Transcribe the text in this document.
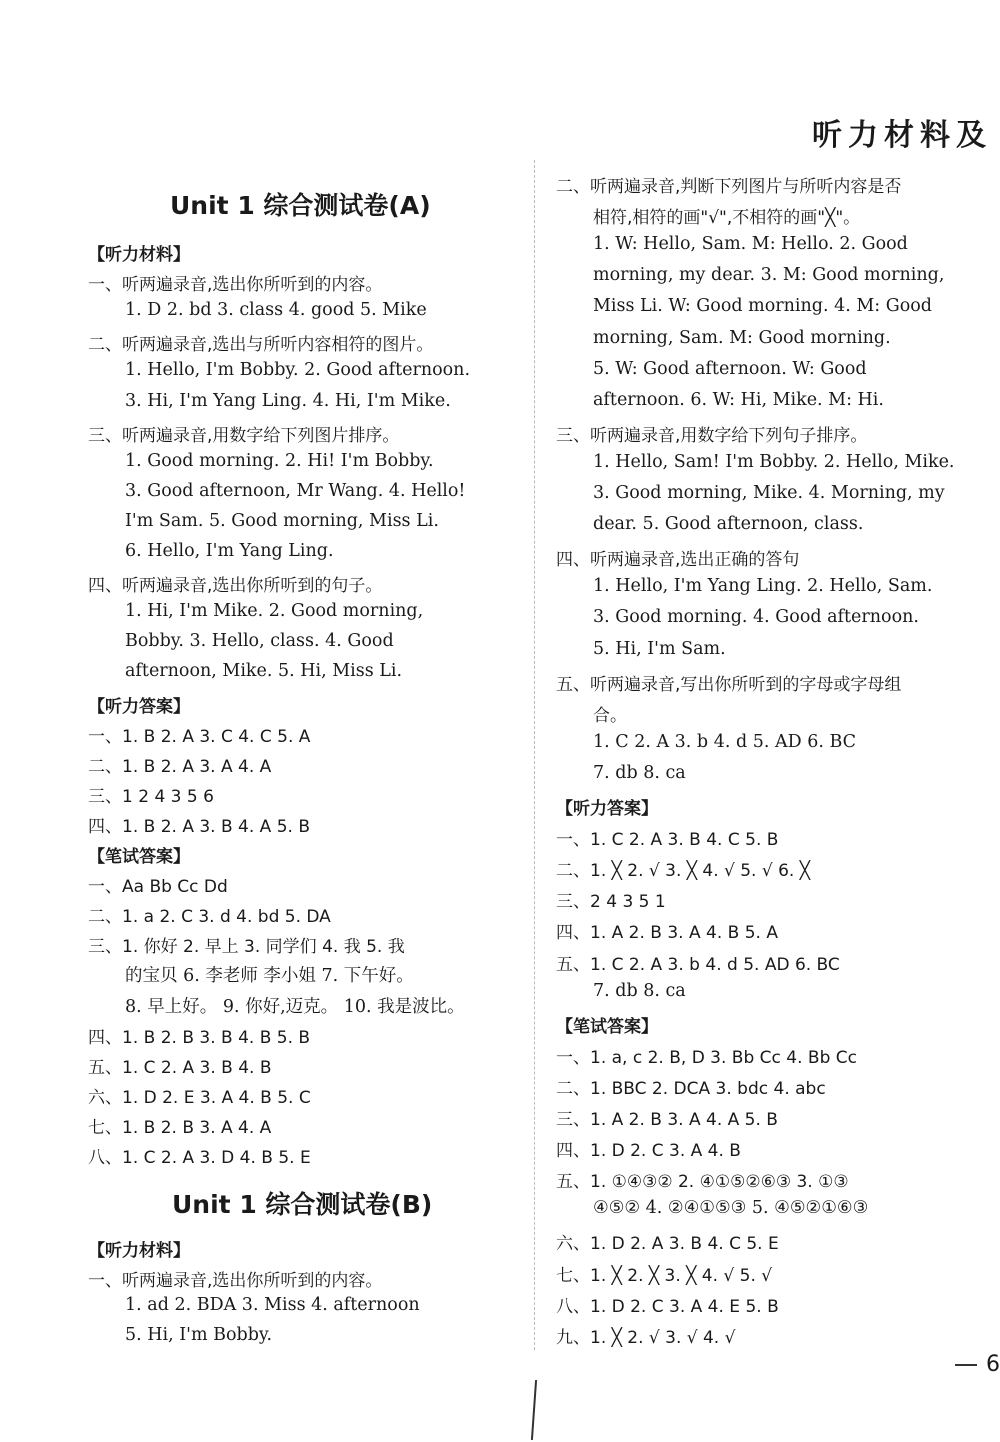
听力材料及
Unit 1 综合测试卷(A)
【听力材料】
一、听两遍录音,选出你所听到的内容。
1. D 2. bd 3. class 4. good 5. Mike
二、听两遍录音,选出与所听内容相符的图片。
1. Hello, I'm Bobby. 2. Good afternoon.
3. Hi, I'm Yang Ling. 4. Hi, I'm Mike.
三、听两遍录音,用数字给下列图片排序。
1. Good morning. 2. Hi! I'm Bobby.
3. Good afternoon, Mr Wang. 4. Hello!
I'm Sam. 5. Good morning, Miss Li.
6. Hello, I'm Yang Ling.
四、听两遍录音,选出你所听到的句子。
1. Hi, I'm Mike. 2. Good morning,
Bobby. 3. Hello, class. 4. Good
afternoon, Mike. 5. Hi, Miss Li.
【听力答案】
一、1. B 2. A 3. C 4. C 5. A
二、1. B 2. A 3. A 4. A
三、1 2 4 3 5 6
四、1. B 2. A 3. B 4. A 5. B
【笔试答案】
一、Aa Bb Cc Dd
二、1. a 2. C 3. d 4. bd 5. DA
三、1. 你好 2. 早上 3. 同学们 4. 我 5. 我
的宝贝 6. 李老师 李小姐 7. 下午好。
8. 早上好。 9. 你好,迈克。 10. 我是波比。
四、1. B 2. B 3. B 4. B 5. B
五、1. C 2. A 3. B 4. B
六、1. D 2. E 3. A 4. B 5. C
七、1. B 2. B 3. A 4. A
八、1. C 2. A 3. D 4. B 5. E
Unit 1 综合测试卷(B)
【听力材料】
一、听两遍录音,选出你所听到的内容。
1. ad 2. BDA 3. Miss 4. afternoon
5. Hi, I'm Bobby.
二、听两遍录音,判断下列图片与所听内容是否
相符,相符的画"√",不相符的画"╳"。
1. W: Hello, Sam. M: Hello. 2. Good
morning, my dear. 3. M: Good morning,
Miss Li. W: Good morning. 4. M: Good
morning, Sam. M: Good morning.
5. W: Good afternoon. W: Good
afternoon. 6. W: Hi, Mike. M: Hi.
三、听两遍录音,用数字给下列句子排序。
1. Hello, Sam! I'm Bobby. 2. Hello, Mike.
3. Good morning, Mike. 4. Morning, my
dear. 5. Good afternoon, class.
四、听两遍录音,选出正确的答句
1. Hello, I'm Yang Ling. 2. Hello, Sam.
3. Good morning. 4. Good afternoon.
5. Hi, I'm Sam.
五、听两遍录音,写出你所听到的字母或字母组
合。
1. C 2. A 3. b 4. d 5. AD 6. BC
7. db 8. ca
【听力答案】
一、1. C 2. A 3. B 4. C 5. B
二、1. ╳ 2. √ 3. ╳ 4. √ 5. √ 6. ╳
三、2 4 3 5 1
四、1. A 2. B 3. A 4. B 5. A
五、1. C 2. A 3. b 4. d 5. AD 6. BC
7. db 8. ca
【笔试答案】
一、1. a, c 2. B, D 3. Bb Cc 4. Bb Cc
二、1. BBC 2. DCA 3. bdc 4. abc
三、1. A 2. B 3. A 4. A 5. B
四、1. D 2. C 3. A 4. B
五、1. ①④③② 2. ④①⑤②⑥③ 3. ①③
④⑤② 4. ②④①⑤③ 5. ④⑤②①⑥③
六、1. D 2. A 3. B 4. C 5. E
七、1. ╳ 2. ╳ 3. ╳ 4. √ 5. √
八、1. D 2. C 3. A 4. E 5. B
九、1. ╳ 2. √ 3. √ 4. √
6
